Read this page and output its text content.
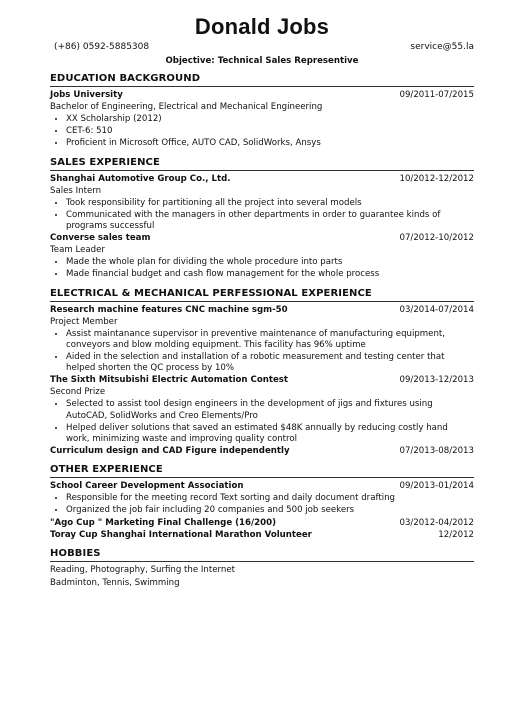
Donald Jobs
(+86) 0592-5885308	service@55.la
Objective: Technical Sales Representive
EDUCATION BACKGROUND
Jobs University	09/2011-07/2015
Bachelor of Engineering, Electrical and Mechanical Engineering
• XX Scholarship (2012)
• CET-6: 510
• Proficient in Microsoft Office, AUTO CAD, SolidWorks, Ansys
SALES EXPERIENCE
Shanghai Automotive Group Co., Ltd.	10/2012-12/2012
Sales Intern
• Took responsibility for partitioning all the project into several models
• Communicated with the managers in other departments in order to guarantee kinds of programs successful
Converse sales team	07/2012-10/2012
Team Leader
• Made the whole plan for dividing the whole procedure into parts
• Made financial budget and cash flow management for the whole process
ELECTRICAL & MECHANICAL PERFESSIONAL EXPERIENCE
Research machine features CNC machine sgm-50	03/2014-07/2014
Project Member
• Assist maintanance supervisor in preventive maintenance of manufacturing equipment, conveyors and blow molding equipment. This facility has 96% uptime
• Aided in the selection and installation of a robotic measurement and testing center that helped shorten the QC process by 10%
The Sixth Mitsubishi Electric Automation Contest	09/2013-12/2013
Second Prize
• Selected to assist tool design engineers in the development of jigs and fixtures using AutoCAD, SolidWorks and Creo Elements/Pro
• Helped deliver solutions that saved an estimated $48K annually by reducing costly hand work, minimizing waste and improving quality control
Curriculum design and CAD Figure independently	07/2013-08/2013
OTHER EXPERIENCE
School Career Development Association	09/2013-01/2014
• Responsible for the meeting record Text sorting and daily document drafting
• Organized the job fair including 20 companies and 500 job seekers
"Ago Cup " Marketing Final Challenge (16/200)	03/2012-04/2012
Toray Cup Shanghai International Marathon Volunteer	12/2012
HOBBIES
Reading, Photography, Surfing the Internet
Badminton, Tennis, Swimming
